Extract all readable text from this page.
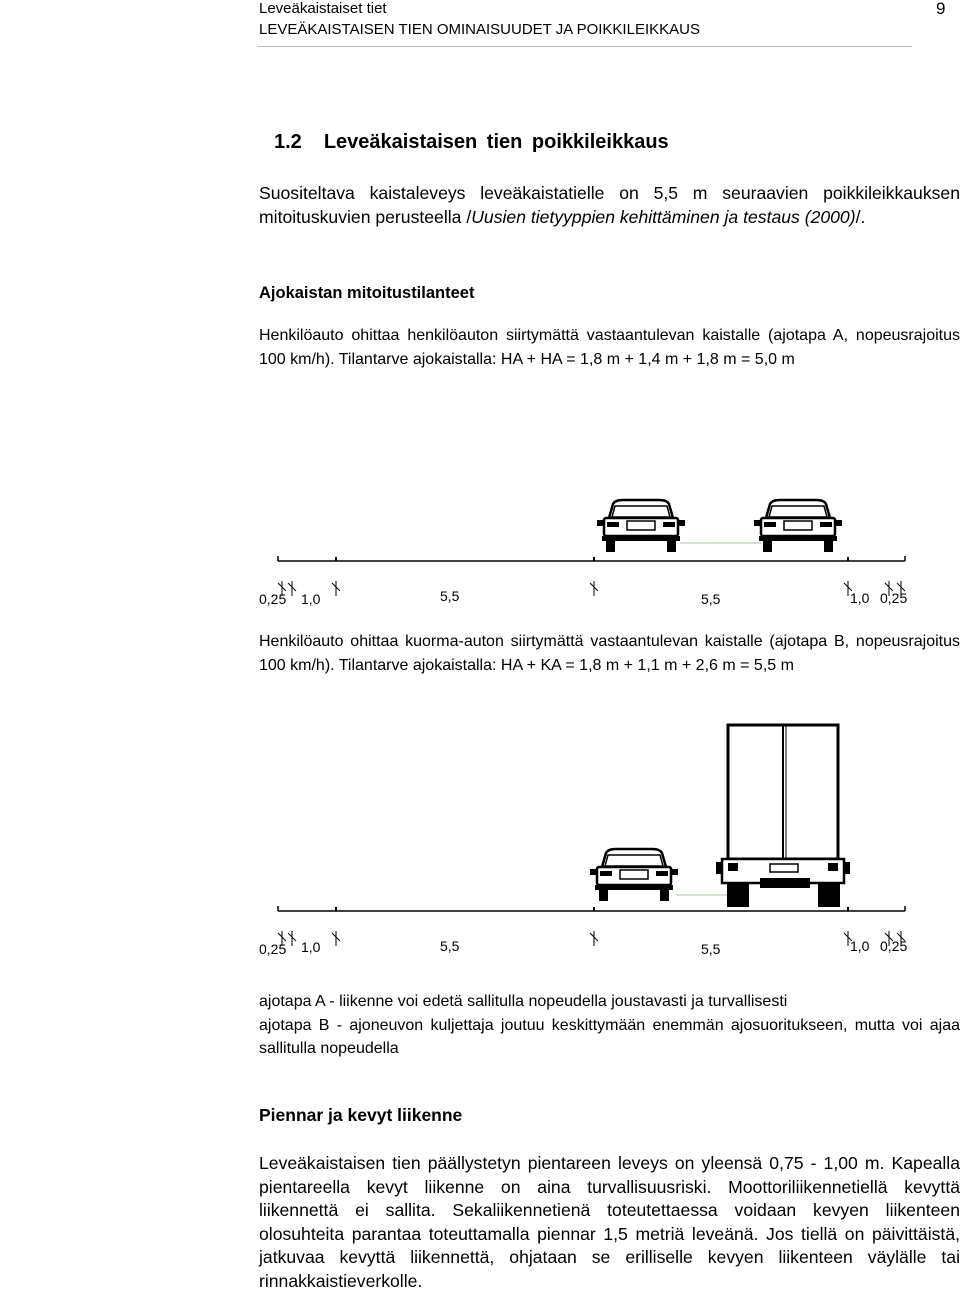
Leveäkaistaiset tiet
LEVEÄKAISTAISEN TIEN OMINAISUUDET JA POIKKILEIKKAUS
9
1.2 Leveäkaistaisen tien poikkileikkaus
Suositeltava kaistaleveys leveäkaistatielle on 5,5 m seuraavien poikkileikkauksen mitoituskuvien perusteella /Uusien tietyyppien kehittäminen ja testaus (2000)/.
Ajokaistan mitoitustilanteet
Henkilöauto ohittaa henkilöauton siirtymättä vastaantulevan kaistalle (ajotapa A, nopeusrajoitus 100 km/h). Tilantarve ajokaistalla: HA + HA = 1,8 m + 1,4 m + 1,8 m = 5,0 m
0,25 1,0	5,5	5,5	1,0 0,25
Henkilöauto ohittaa kuorma-auton siirtymättä vastaantulevan kaistalle (ajotapa B, nopeusrajoitus 100 km/h). Tilantarve ajokaistalla: HA + KA = 1,8 m + 1,1 m + 2,6 m = 5,5 m
0,25 1,0	5,5	5,5	1,0 0,25
ajotapa A - liikenne voi edetä sallitulla nopeudella joustavasti ja turvallisesti
ajotapa B - ajoneuvon kuljettaja joutuu keskittymään enemmän ajosuoritukseen, mutta voi ajaa sallitulla nopeudella
Piennar ja kevyt liikenne
Leveäkaistaisen tien päällystetyn pientareen leveys on yleensä 0,75 - 1,00 m. Kapealla pientareella kevyt liikenne on aina turvallisuusriski. Moottoriliikennetiellä kevyttä liikennettä ei sallita. Sekaliikennetienä toteutettaessa voidaan kevyen liikenteen olosuhteita parantaa toteuttamalla piennar 1,5 metriä leveänä. Jos tiellä on päivittäistä, jatkuvaa kevyttä liikennettä, ohjataan se erilliselle kevyen liikenteen väylälle tai rinnakkaistieverkolle.
